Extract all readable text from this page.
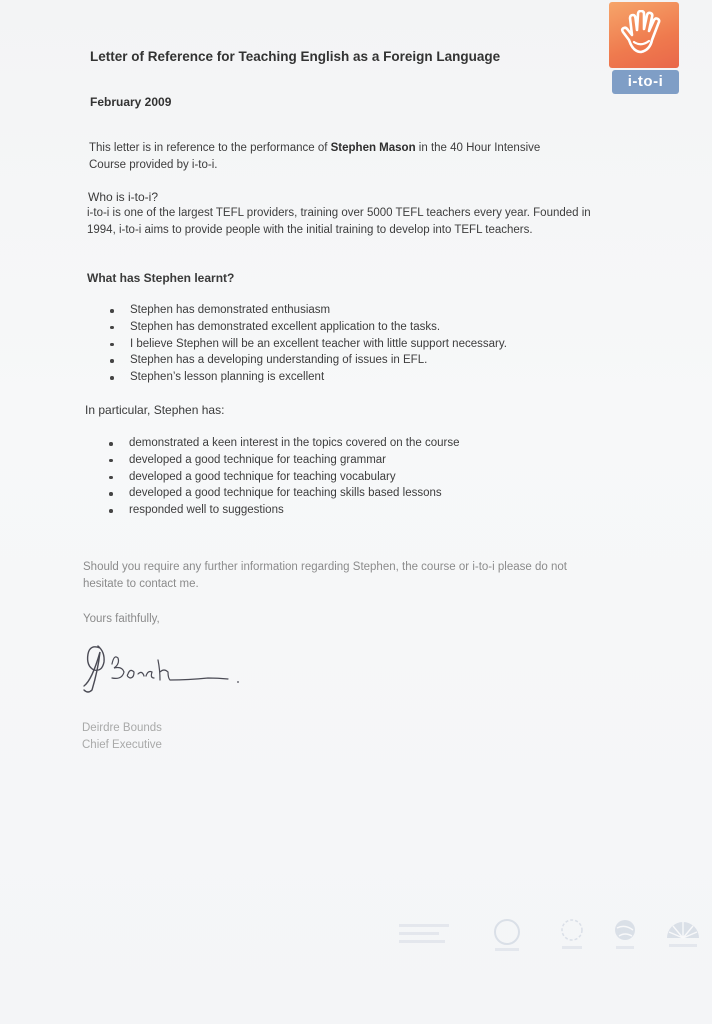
i-to-i
Letter of Reference for Teaching English as a Foreign Language
February 2009
This letter is in reference to the performance of Stephen Mason in the 40 Hour Intensive Course provided by i-to-i.
Who is i-to-i?
i-to-i is one of the largest TEFL providers, training over 5000 TEFL teachers every year. Founded in 1994, i-to-i aims to provide people with the initial training to develop into TEFL teachers.
What has Stephen learnt?
Stephen has demonstrated enthusiasm
Stephen has demonstrated excellent application to the tasks.
I believe Stephen will be an excellent teacher with little support necessary.
Stephen has a developing understanding of issues in EFL.
Stephen’s lesson planning is excellent
In particular, Stephen has:
demonstrated a keen interest in the topics covered on the course
developed a good technique for teaching grammar
developed a good technique for teaching vocabulary
developed a good technique for teaching skills based lessons
responded well to suggestions
Should you require any further information regarding Stephen, the course or i-to-i please do not hesitate to contact me.
Yours faithfully,
Deirdre Bounds
Chief Executive
